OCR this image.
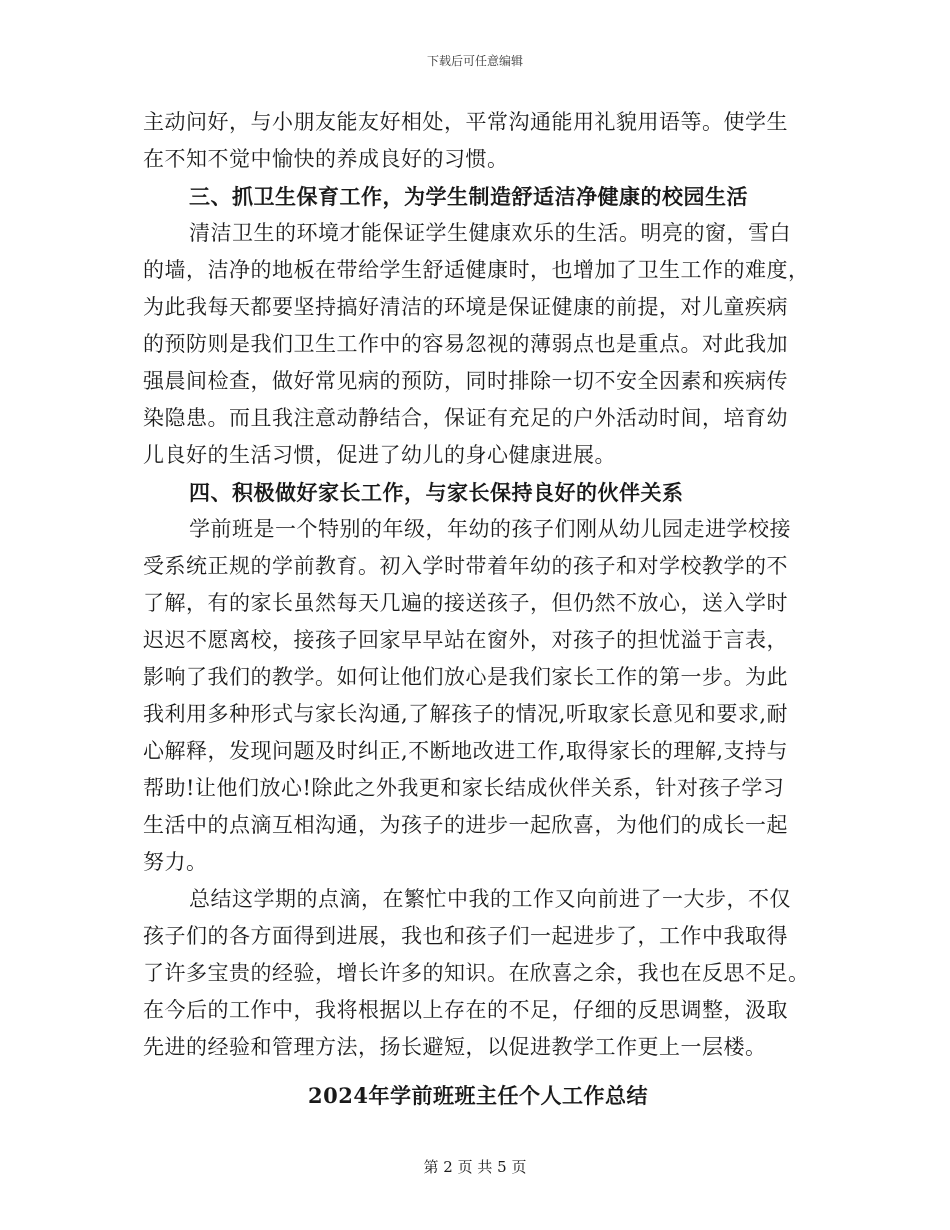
下载后可任意编辑
主动问好，与小朋友能友好相处，平常沟通能用礼貌用语等。使学生
在不知不觉中愉快的养成良好的习惯。
三、抓卫生保育工作，为学生制造舒适洁净健康的校园生活
清洁卫生的环境才能保证学生健康欢乐的生活。明亮的窗，雪白
的墙，洁净的地板在带给学生舒适健康时，也增加了卫生工作的难度，
为此我每天都要坚持搞好清洁的环境是保证健康的前提，对儿童疾病
的预防则是我们卫生工作中的容易忽视的薄弱点也是重点。对此我加
强晨间检查，做好常见病的预防，同时排除一切不安全因素和疾病传
染隐患。而且我注意动静结合，保证有充足的户外活动时间，培育幼
儿良好的生活习惯，促进了幼儿的身心健康进展。
四、积极做好家长工作，与家长保持良好的伙伴关系
学前班是一个特别的年级，年幼的孩子们刚从幼儿园走进学校接
受系统正规的学前教育。初入学时带着年幼的孩子和对学校教学的不
了解，有的家长虽然每天几遍的接送孩子，但仍然不放心，送入学时
迟迟不愿离校，接孩子回家早早站在窗外，对孩子的担忧溢于言表，
影响了我们的教学。如何让他们放心是我们家长工作的第一步。为此
我利用多种形式与家长沟通,了解孩子的情况,听取家长意见和要求,耐
心解释，发现问题及时纠正,不断地改进工作,取得家长的理解,支持与
帮助!让他们放心!除此之外我更和家长结成伙伴关系，针对孩子学习
生活中的点滴互相沟通，为孩子的进步一起欣喜，为他们的成长一起
努力。
总结这学期的点滴，在繁忙中我的工作又向前进了一大步，不仅
孩子们的各方面得到进展，我也和孩子们一起进步了，工作中我取得
了许多宝贵的经验，增长许多的知识。在欣喜之余，我也在反思不足。
在今后的工作中，我将根据以上存在的不足，仔细的反思调整，汲取
先进的经验和管理方法，扬长避短，以促进教学工作更上一层楼。
2024年学前班班主任个人工作总结
第 2 页 共 5 页
